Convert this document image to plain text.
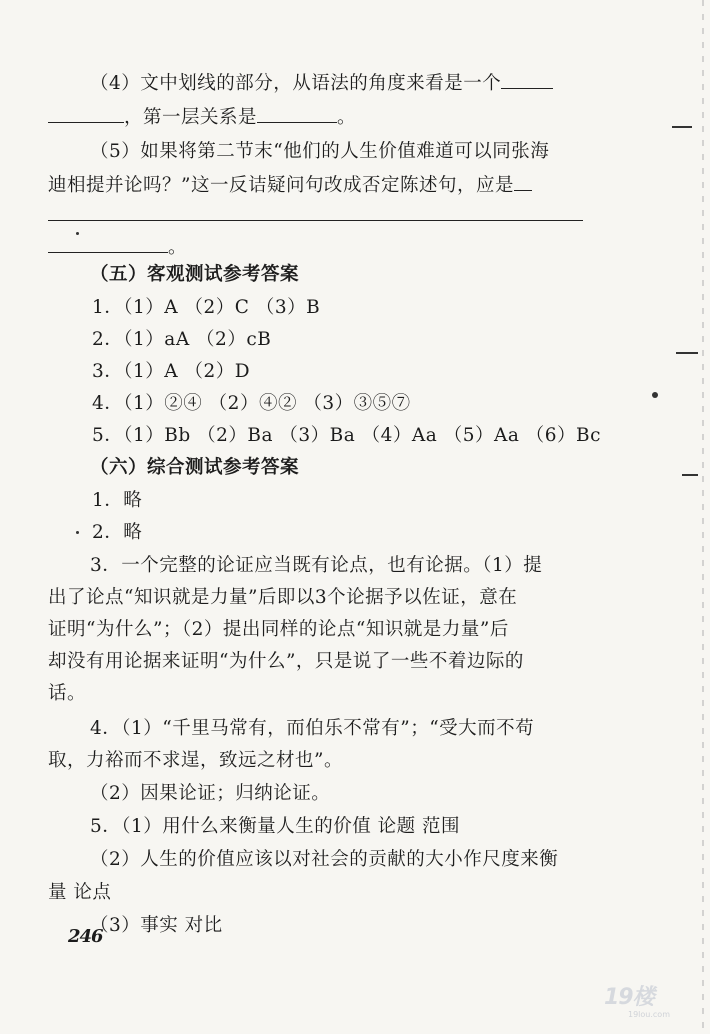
（4）文中划线的部分，从语法的角度来看是一个
，第一层关系是	。
（5）如果将第二节末“他们的人生价值难道可以同张海
迪相提并论吗？”这一反诘疑问句改成否定陈述句，应是
。
（五）客观测试参考答案
1．（1）A （2）C （3）B
2．（1）aA （2）cB
3．（1）A （2）D
4．（1）②④ （2）④② （3）③⑤⑦
5．（1）Bb （2）Ba （3）Ba （4）Aa （5）Aa （6）Bc
（六）综合测试参考答案
1．略
2．略
3．一个完整的论证应当既有论点，也有论据。（1）提
出了论点“知识就是力量”后即以3个论据予以佐证，意在
证明“为什么”；（2）提出同样的论点“知识就是力量”后
却没有用论据来证明“为什么”，只是说了一些不着边际的
话。
4．（1）“千里马常有，而伯乐不常有”；“受大而不苟
取，力裕而不求逞，致远之材也”。
（2）因果论证；归纳论证。
5．（1）用什么来衡量人生的价值 论题 范围
（2）人生的价值应该以对社会的贡献的大小作尺度来衡
量 论点
（3）事实 对比
246
19楼
19lou.com
